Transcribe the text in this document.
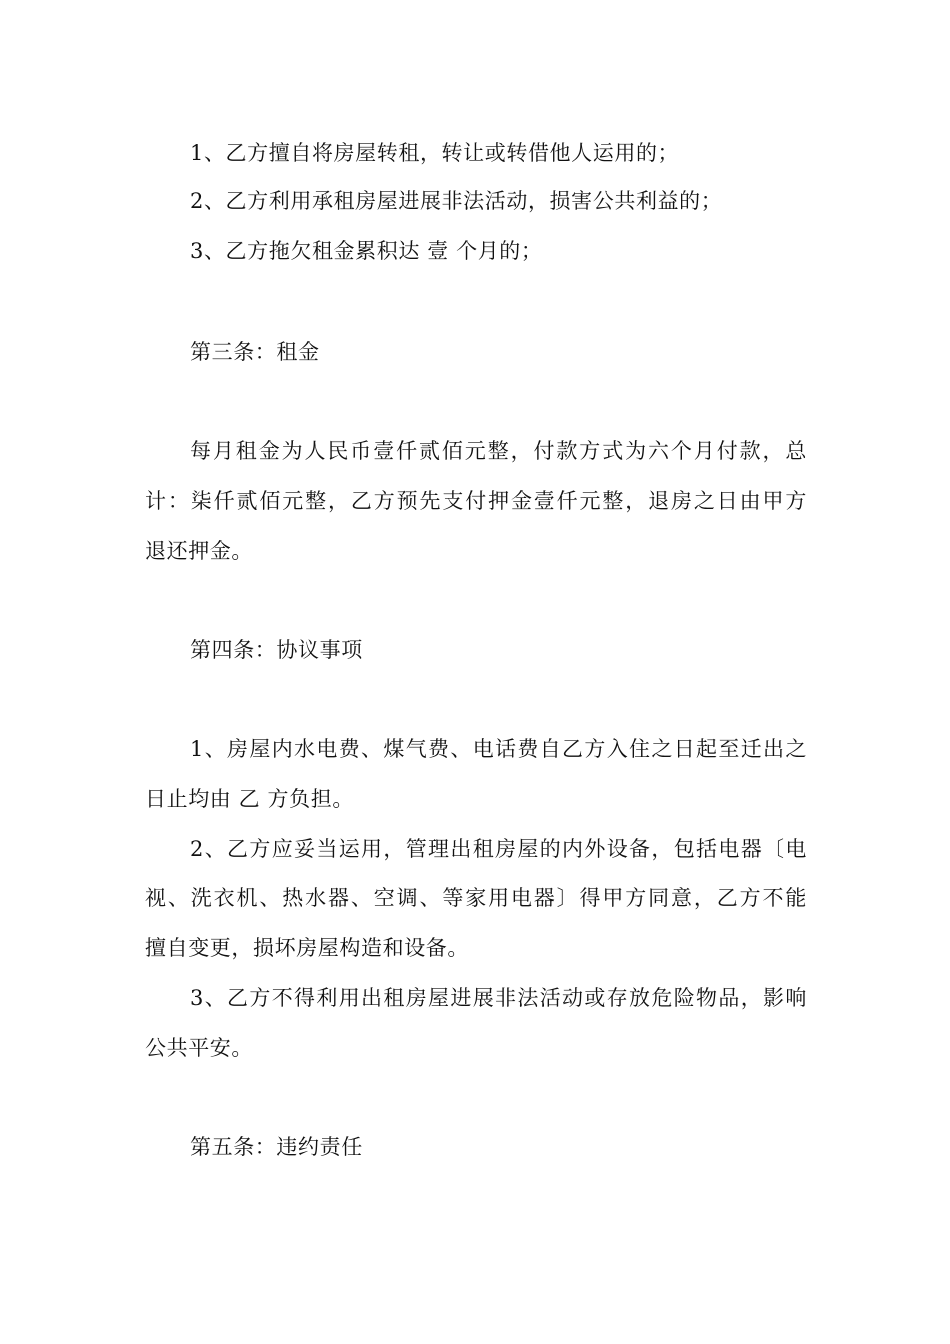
1、乙方擅自将房屋转租，转让或转借他人运用的；
2、乙方利用承租房屋进展非法活动，损害公共利益的；
3、乙方拖欠租金累积达 壹 个月的；
第三条：租金
每月租金为人民币壹仟贰佰元整，付款方式为六个月付款，总
计：柒仟贰佰元整，乙方预先支付押金壹仟元整，退房之日由甲方
退还押金。
第四条：协议事项
1、房屋内水电费、煤气费、电话费自乙方入住之日起至迁出之
日止均由 乙 方负担。
2、乙方应妥当运用，管理出租房屋的内外设备，包括电器〔电
视、洗衣机、热水器、空调、等家用电器〕得甲方同意，乙方不能
擅自变更，损坏房屋构造和设备。
3、乙方不得利用出租房屋进展非法活动或存放危险物品，影响
公共平安。
第五条：违约责任
